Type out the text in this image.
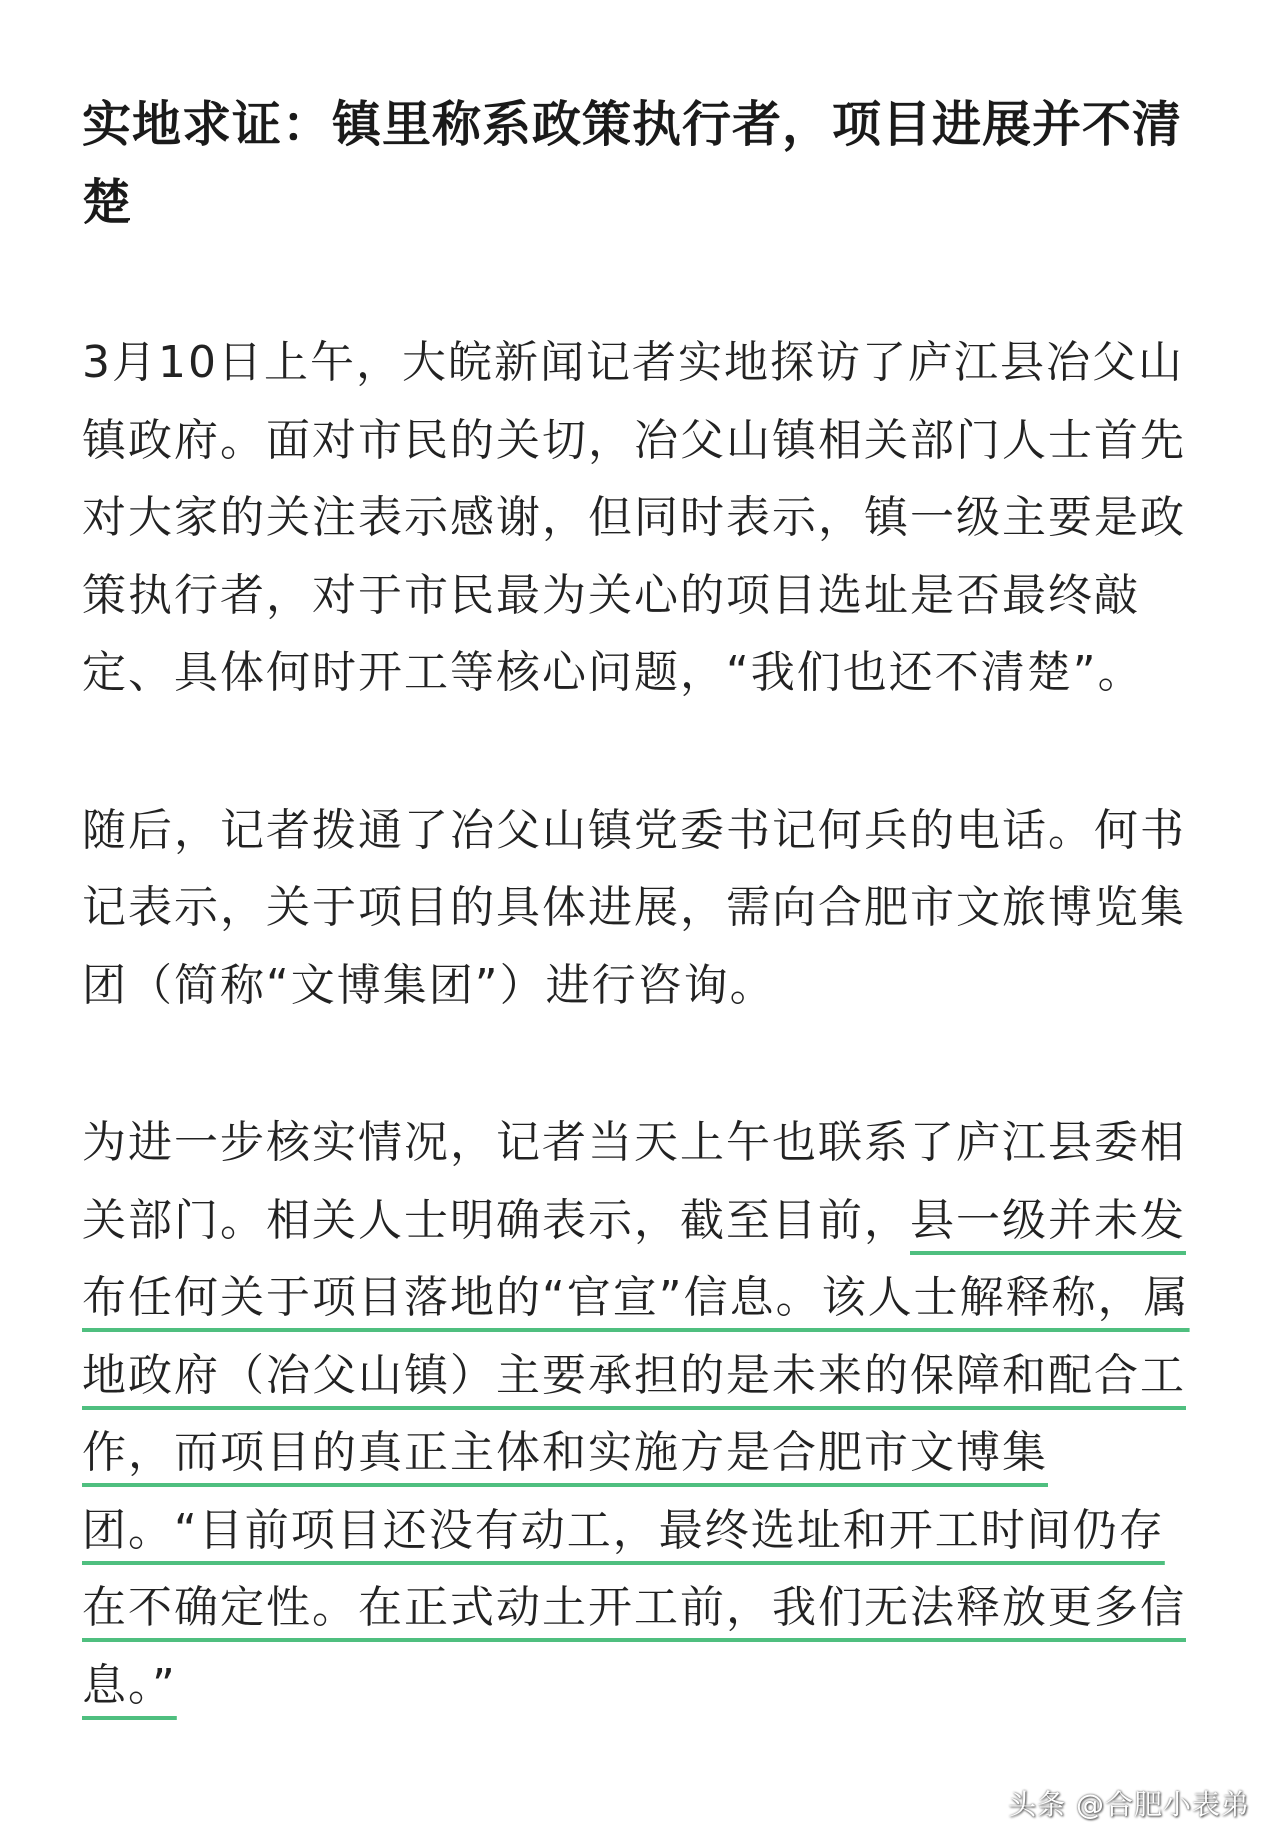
实地求证：镇里称系政策执行者，项目进展并不清楚

3月10日上午，大皖新闻记者实地探访了庐江县冶父山镇政府。面对市民的关切，冶父山镇相关部门人士首先对大家的关注表示感谢，但同时表示，镇一级主要是政策执行者，对于市民最为关心的项目选址是否最终敲定、具体何时开工等核心问题，“我们也还不清楚”。

随后，记者拨通了冶父山镇党委书记何兵的电话。何书记表示，关于项目的具体进展，需向合肥市文旅博览集团（简称“文博集团”）进行咨询。

为进一步核实情况，记者当天上午也联系了庐江县委相关部门。相关人士明确表示，截至目前，县一级并未发布任何关于项目落地的“官宣”信息。该人士解释称，属地政府（冶父山镇）主要承担的是未来的保障和配合工作，而项目的真正主体和实施方是合肥市文博集团。“目前项目还没有动工，最终选址和开工时间仍存在不确定性。在正式动土开工前，我们无法释放更多信息。”

头条 @合肥小表弟
